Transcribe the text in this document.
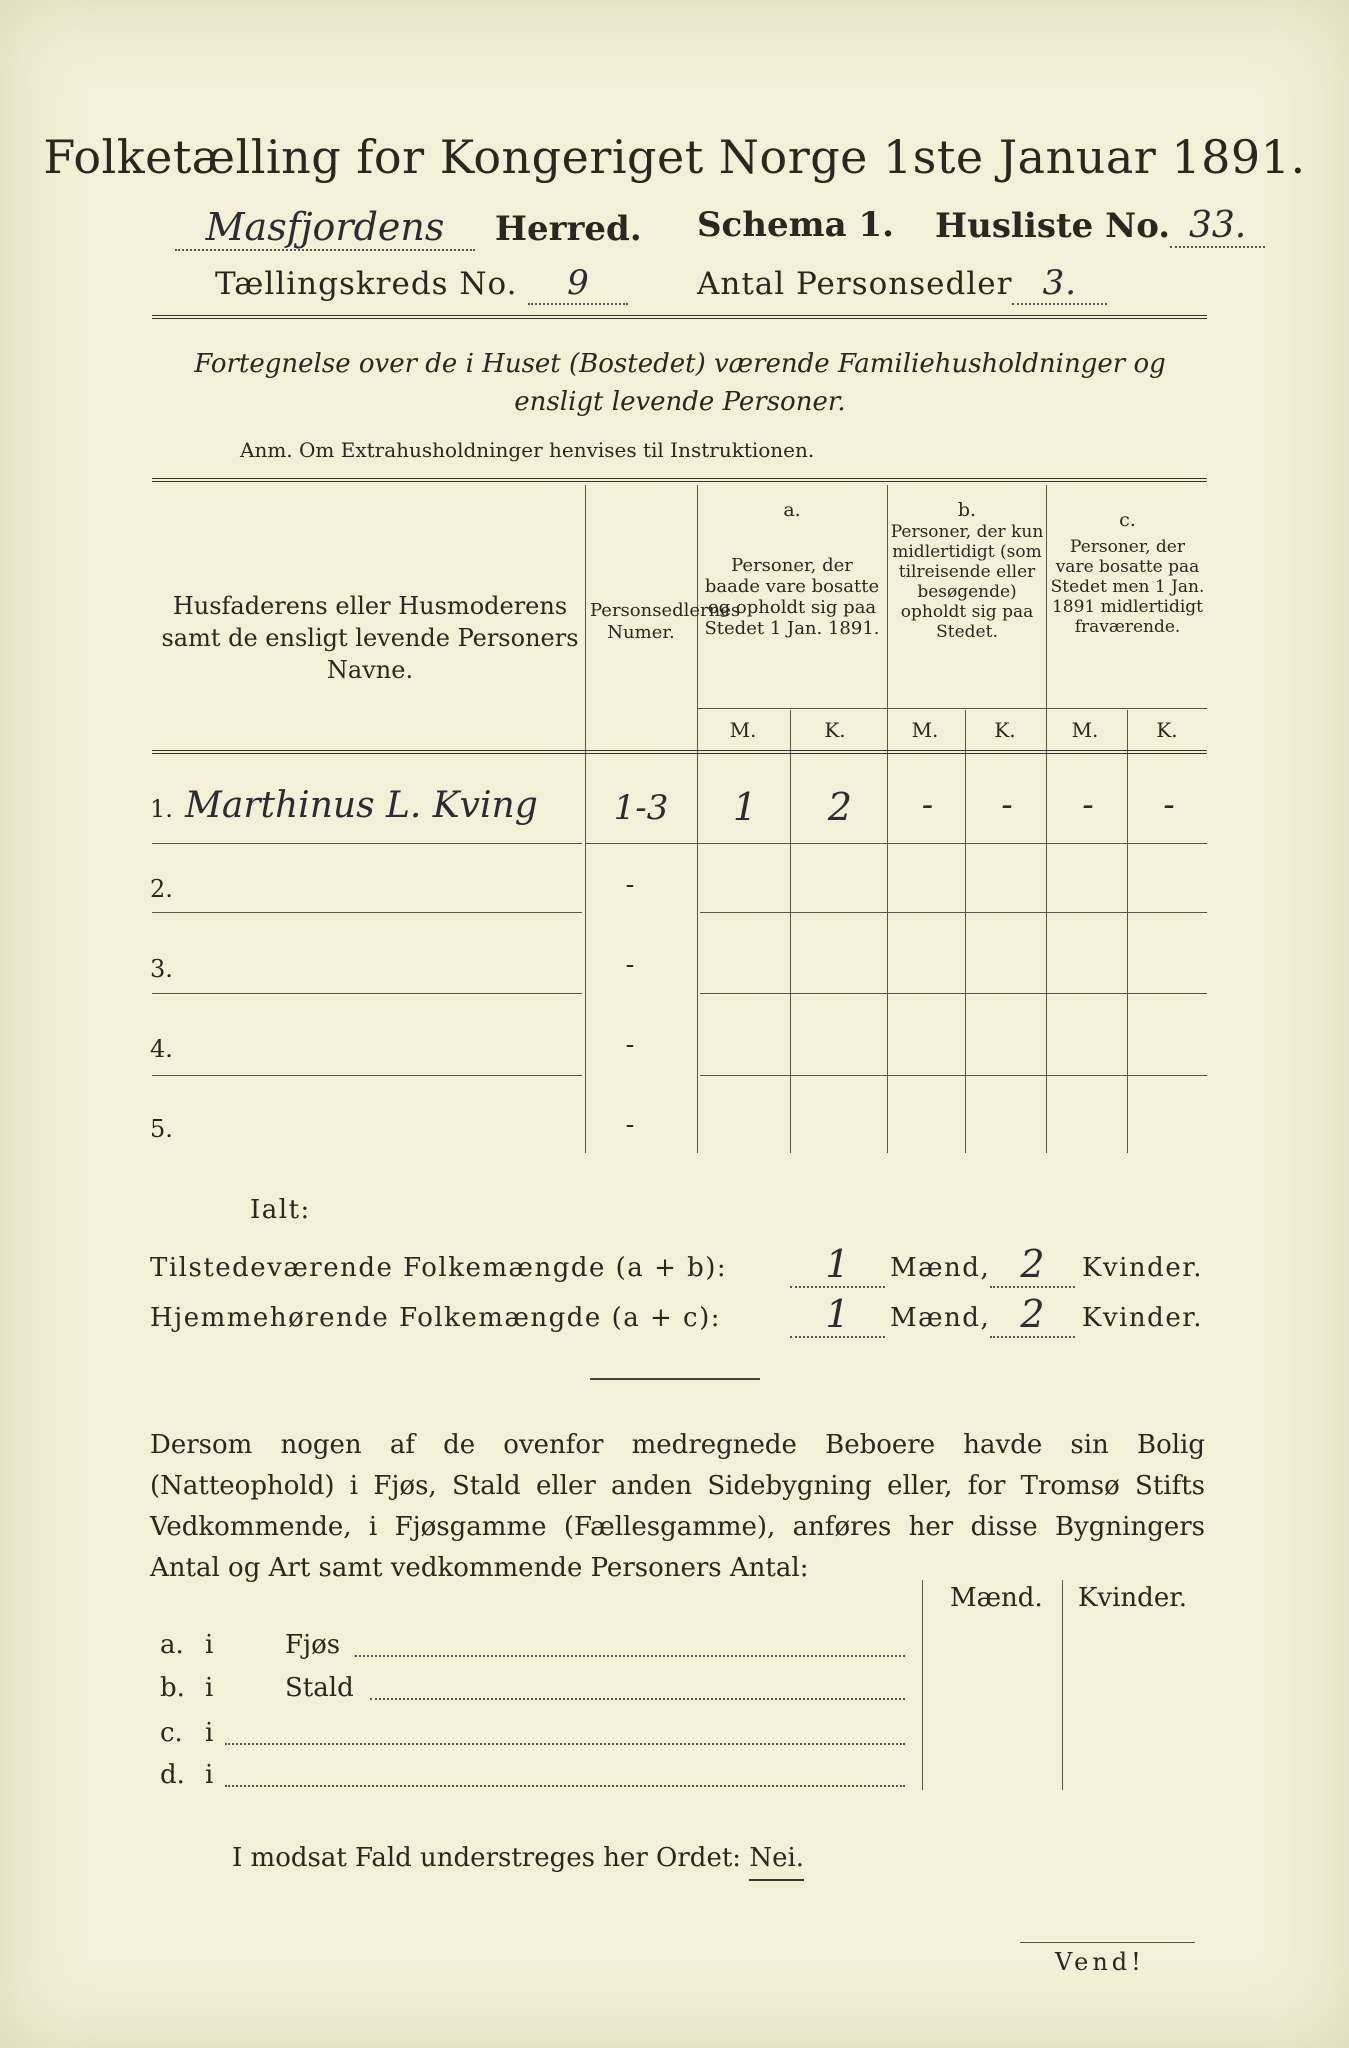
Folketælling for Kongeriget Norge 1ste Januar 1891.
Masfjordens Herred. Schema 1. Husliste No. 33.
Tællingskreds No. 9	Antal Personsedler 3.
Fortegnelse over de i Huset (Bostedet) værende Familiehusholdninger og ensligt levende Personer.
Anm. Om Extrahusholdninger henvises til Instruktionen.
Husfaderens eller Husmoderens samt de ensligt levende Personers Navne.
Personsedlernes Numer.
a.
Personer, der baade vare bosatte og opholdt sig paa Stedet 1 Jan. 1891.
b.
Personer, der kun midlertidigt (som tilreisende eller besøgende) opholdt sig paa Stedet.
c.
Personer, der vare bosatte paa Stedet men 1 Jan. 1891 midlertidigt fraværende.
M.	K.	M.	K.	M.	K.
1. Marthinus L. Kving	1-3	1	2	-	-	-	-
2.	-
3.	-
4.	-
5.	-
Ialt:
Tilstedeværende Folkemængde (a + b):	1	Mænd, 2	Kvinder.
Hjemmehørende Folkemængde (a + c):	1	Mænd, 2	Kvinder.
Dersom nogen af de ovenfor medregnede Beboere havde sin Bolig (Natteophold) i Fjøs, Stald eller anden Sidebygning eller, for Tromsø Stifts Vedkommende, i Fjøsgamme (Fællesgamme), anføres her disse Bygningers Antal og Art samt vedkommende Personers Antal:
Mænd. Kvinder.
a. i	Fjøs
b. i	Stald
c. i
d. i
I modsat Fald understreges her Ordet: Nei.
Vend!
